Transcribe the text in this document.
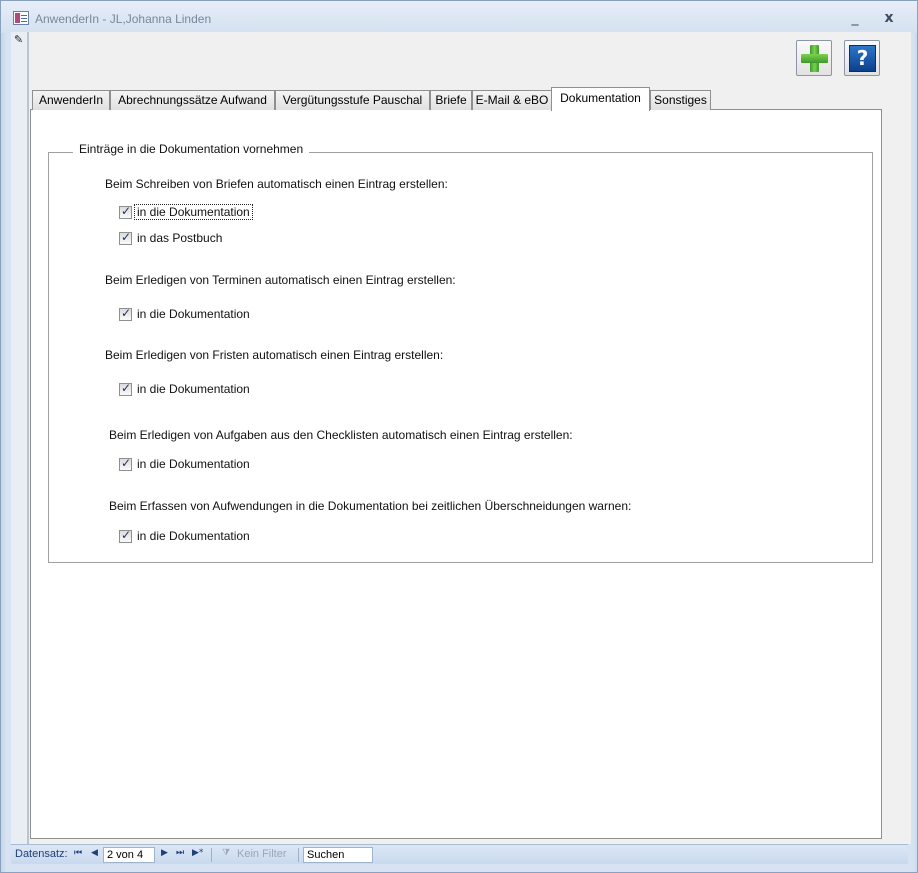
AnwenderIn - JL,Johanna Linden	_	x
✎
?
AnwenderIn	Abrechnungssätze Aufwand	Vergütungsstufe Pauschal	Briefe E-Mail & eBO Dokumentation	Sonstiges
Einträge in die Dokumentation vornehmen
Beim Schreiben von Briefen automatisch einen Eintrag erstellen:
✓
in die Dokumentation
✓
in das Postbuch
Beim Erledigen von Terminen automatisch einen Eintrag erstellen:
✓
in die Dokumentation
Beim Erledigen von Fristen automatisch einen Eintrag erstellen:
✓
in die Dokumentation
Beim Erledigen von Aufgaben aus den Checklisten automatisch einen Eintrag erstellen:
✓
in die Dokumentation
Beim Erfassen von Aufwendungen in die Dokumentation bei zeitlichen Überschneidungen warnen:
✓
in die Dokumentation
Datensatz: ⏮ ◀ 2 von 4	▶ ⏭ ▶* ⧩ Kein Filter	Suchen
